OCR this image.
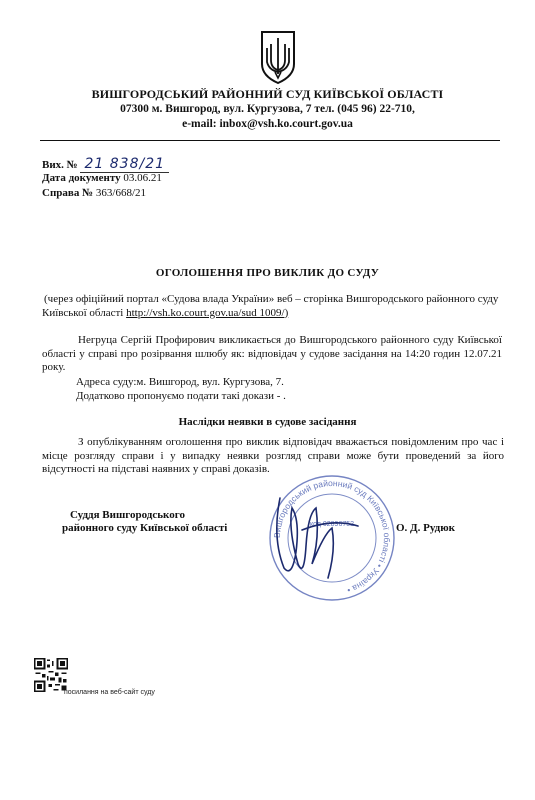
ВИШГОРОДСЬКИЙ РАЙОННИЙ СУД КИЇВСЬКОЇ ОБЛАСТІ
07300 м. Вишгород, вул. Кургузова, 7 тел. (045 96) 22-710,
e-mail: inbox@vsh.ko.court.gov.ua
Вих. № 21 838/21
Дата документу 03.06.21
Справа № 363/668/21
ОГОЛОШЕННЯ ПРО ВИКЛИК ДО СУДУ
(через офіційний портал «Судова влада України» веб – сторінка Вишгородського районного суду
Київської області http://vsh.ko.court.gov.ua/sud 1009/)
Негруца Сергій Профирович викликається до Вишгородського районного суду Київської області у справі про розірвання шлюбу як: відповідач у судове засідання на 14:20 годин 12.07.21 року.
Адреса суду:м. Вишгород, вул. Кургузова, 7.
Додатково пропонуємо подати такі докази - .
Наслідки неявки в судове засідання
З опублікуванням оголошення про виклик відповідач вважається повідомленим про час і місце розгляду справи і у випадку неявки розгляд справи може бути проведений за його відсутності на підставі наявних у справі доказів.
Суддя Вишгородського
районного суду Київської області	О. Д. Рудюк
Вишгородський районний суд Київської області • Україна •
код 02896752
посилання на веб-сайт суду
